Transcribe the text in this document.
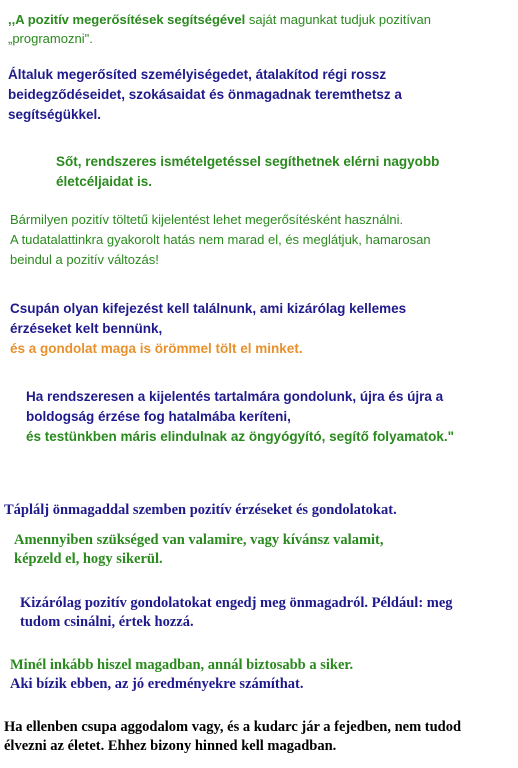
,,A pozitív megerősítések segítségével saját magunkat tudjuk pozitívan
„programozni".
Általuk megerősíted személyiségedet, átalakítod régi rossz
beidegződéseidet, szokásaidat és önmagadnak teremthetsz a
segítségükkel.
Sőt, rendszeres ismételgetéssel segíthetnek elérni nagyobb
életcéljaidat is.
Bármilyen pozitív töltetű kijelentést lehet megerősítésként használni.
A tudatalattinkra gyakorolt hatás nem marad el, és meglátjuk, hamarosan
beindul a pozitív változás!
Csupán olyan kifejezést kell találnunk, ami kizárólag kellemes
érzéseket kelt bennünk,
és a gondolat maga is örömmel tölt el minket.
Ha rendszeresen a kijelentés tartalmára gondolunk, újra és újra a
boldogság érzése fog hatalmába keríteni,
és testünkben máris elindulnak az öngyógyító, segítő folyamatok."
Táplálj önmagaddal szemben pozitív érzéseket és gondolatokat.
Amennyiben szükséged van valamire, vagy kívánsz valamit,
képzeld el, hogy sikerül.
Kizárólag pozitív gondolatokat engedj meg önmagadról. Például: meg
tudom csinálni, értek hozzá.
Minél inkább hiszel magadban, annál biztosabb a siker.
Aki bízik ebben, az jó eredményekre számíthat.
Ha ellenben csupa aggodalom vagy, és a kudarc jár a fejedben, nem tudod
élvezni az életet. Ehhez bizony hinned kell magadban.
